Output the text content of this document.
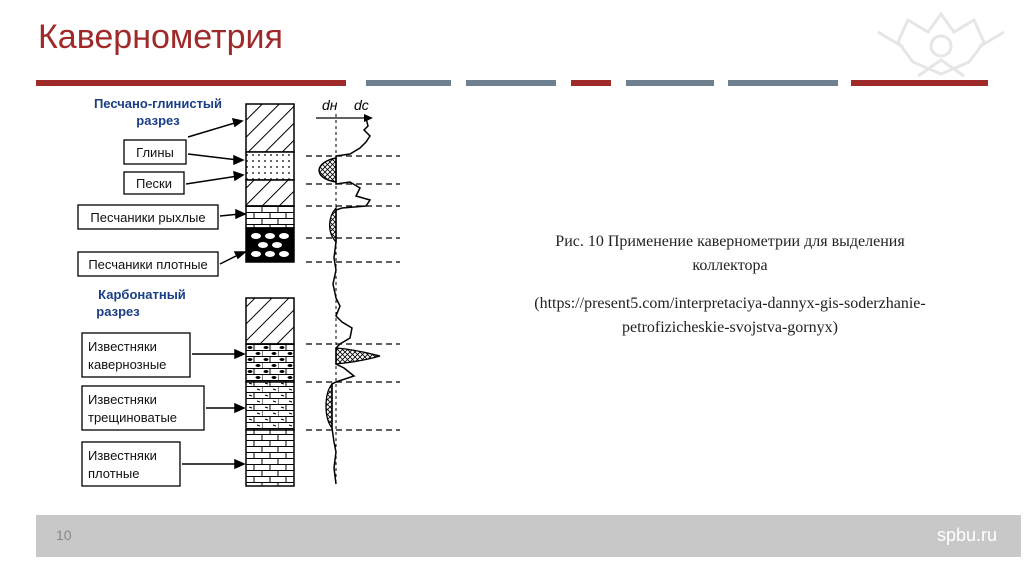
Кавернометрия
Песчано-глинистый
разрез
Карбонатный
разрез
Глины
Пески
Песчаники рыхлые
Песчаники плотные
Известняки
кавернозные
Известняки
трещиноватые
Известняки
плотные
dн dс

Рис. 10 Применение кавернометрии для выделения

коллектора

(https://present5.com/interpretaciya-dannyx-gis-soderzhanie-

petrofizicheskie-svojstva-gornyx)

10	spbu.ru
